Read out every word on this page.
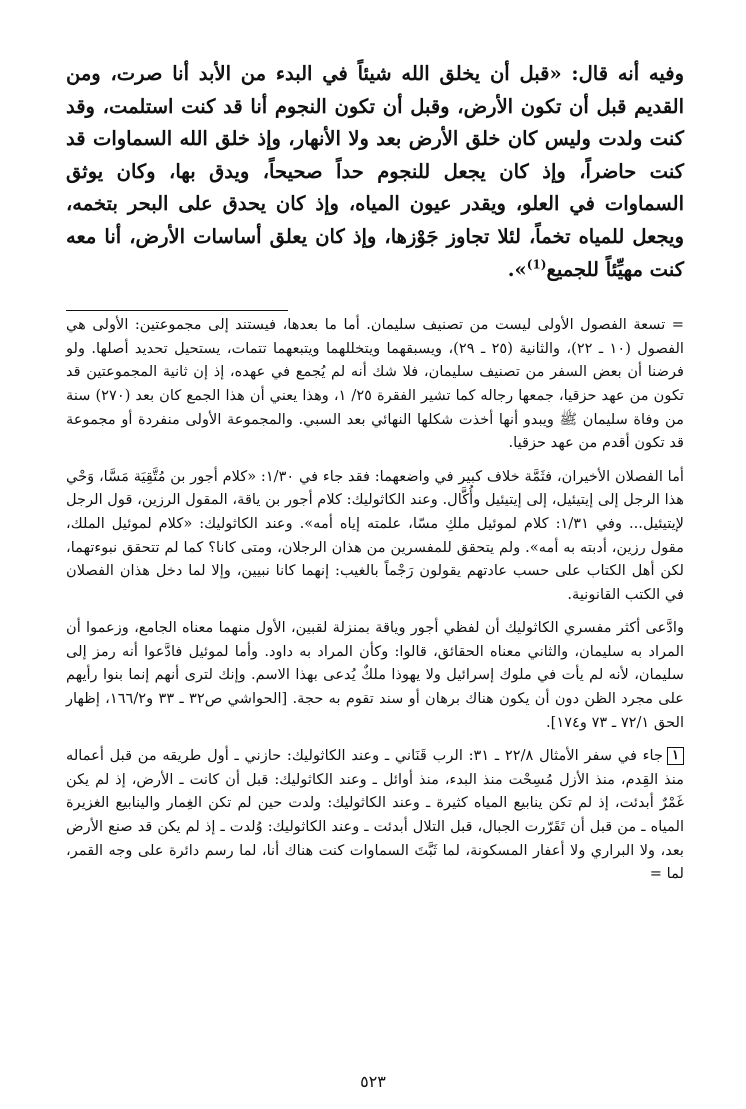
وفيه أنه قال: «قبل أن يخلق الله شيئاً في البدء من الأبد أنا صرت، ومن القديم قبل أن تكون الأرض، وقبل أن تكون النجوم أنا قد كنت استلمت، وقد كنت ولدت وليس كان خلق الأرض بعد ولا الأنهار، وإذ خلق الله السماوات قد كنت حاضراً، وإذ كان يجعل للنجوم حداً صحيحاً، ويدق بها، وكان يوثق السماوات في العلو، ويقدر عيون المياه، وإذ كان يحدق على البحر بتخمه، ويجعل للمياه تخماً، لئلا تجاوز جَوْزها، وإذ كان يعلق أساسات الأرض، أنا معه كنت مهيِّئاً للجميع$^{(1)}$».

= تسعة الفصول الأولى ليست من تصنيف سليمان. أما ما بعدها، فيستند إلى مجموعتين: الأولى هي الفصول (١٠ ـ ٢٢)، والثانية (٢٥ ـ ٢٩)، ويسبقهما ويتخللهما ويتبعهما تتمات، يستحيل تحديد أصلها. ولو فرضنا أن بعض السفر من تصنيف سليمان، فلا شك أنه لم يُجمع في عهده، إذ إن ثانية المجموعتين قد تكون من عهد حزقيا، جمعها رجاله كما تشير الفقرة ٢٥/ ١، وهذا يعني أن هذا الجمع كان بعد (٢٧٠) سنة من وفاة سليمان ﷺ ويبدو أنها أخذت شكلها النهائي بعد السبي. والمجموعة الأولى منفردة أو مجموعة قد تكون أقدم من عهد حزقيا.

أما الفصلان الأخيران، فثَمَّة خلاف كبير في واضعهما: فقد جاء في ١/٣٠: «كلام أجور بن مُتَّقِيَة مَسَّا، وَحْي هذا الرجل إلى إيتيئيل، إلى إيتيئيل وأُكَّال. وعند الكاثوليك: كلام أجور بن ياقة، المقول الرزين، قول الرجل لإيتيئيل... وفي ١/٣١: كلام لموئيل ملكِ مسّا، علمته إياه أمه». وعند الكاثوليك: «كلام لموئيل الملك، مقول رزين، أدبته به أمه». ولم يتحقق للمفسرين من هذان الرجلان، ومتى كانا؟ كما لم تتحقق نبوءتهما، لكن أهل الكتاب على حسب عادتهم يقولون رَجْماً بالغيب: إنهما كانا نبيين، وإلا لما دخل هذان الفصلان في الكتب القانونية.

وادَّعى أكثر مفسري الكاثوليك أن لفظي أجور وياقة بمنزلة لقبين، الأول منهما معناه الجامع، وزعموا أن المراد به سليمان، والثاني معناه الحقائق، قالوا: وكأن المراد به داود. وأما لموئيل فادَّعوا أنه رمز إلى سليمان، لأنه لم يأت في ملوك إسرائيل ولا يهوذا ملكٌ يُدعى بهذا الاسم. وإنك لترى أنهم إنما بنوا رأيهم على مجرد الظن دون أن يكون هناك برهان أو سند تقوم به حجة. [الحواشي ص٣٢ ـ ٣٣ و١٦٦/٢، إظهار الحق ٧٢/١ ـ ٧٣ و١٧٤].

١جاء في سفر الأمثال ٢٢/٨ ـ ٣١: الرب قَنَاني ـ وعند الكاثوليك: حازني ـ أول طريقه من قبل أعماله منذ القِدم، منذ الأزل مُسِحْت منذ البدء، منذ أوائل ـ وعند الكاثوليك: قبل أن كانت ـ الأرض، إذ لم يكن غَمْرٌ أبدئت، إذ لم تكن ينابيع المياه كثيرة ـ وعند الكاثوليك: ولدت حين لم تكن الغِمار والينابيع الغزيرة المياه ـ من قبل أن تَقَرّرت الجبال، قبل التلال أبدئت ـ وعند الكاثوليك: وُلدت ـ إذ لم يكن قد صنع الأرض بعد، ولا البراري ولا أعفار المسكونة، لما ثَبَّتَ السماوات كنت هناك أنا، لما رسم دائرة على وجه القمر، لما =

٥٢٣
